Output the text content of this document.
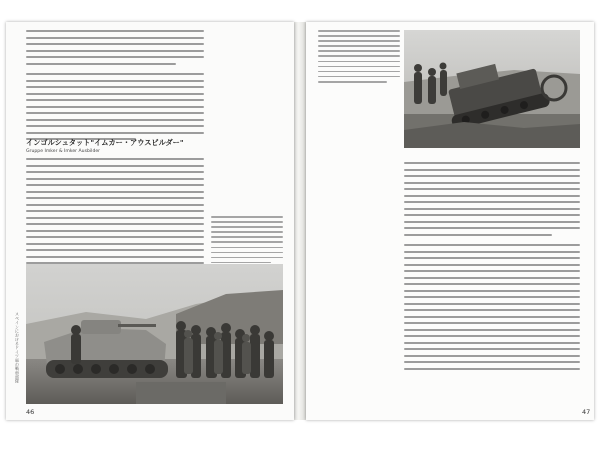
インゴルシュタット"イムカー・アウスビルダー"
Gruppe Imker & Imker Ausbilder
スペインにおけるドイツ軍の戦車部隊
46	47
